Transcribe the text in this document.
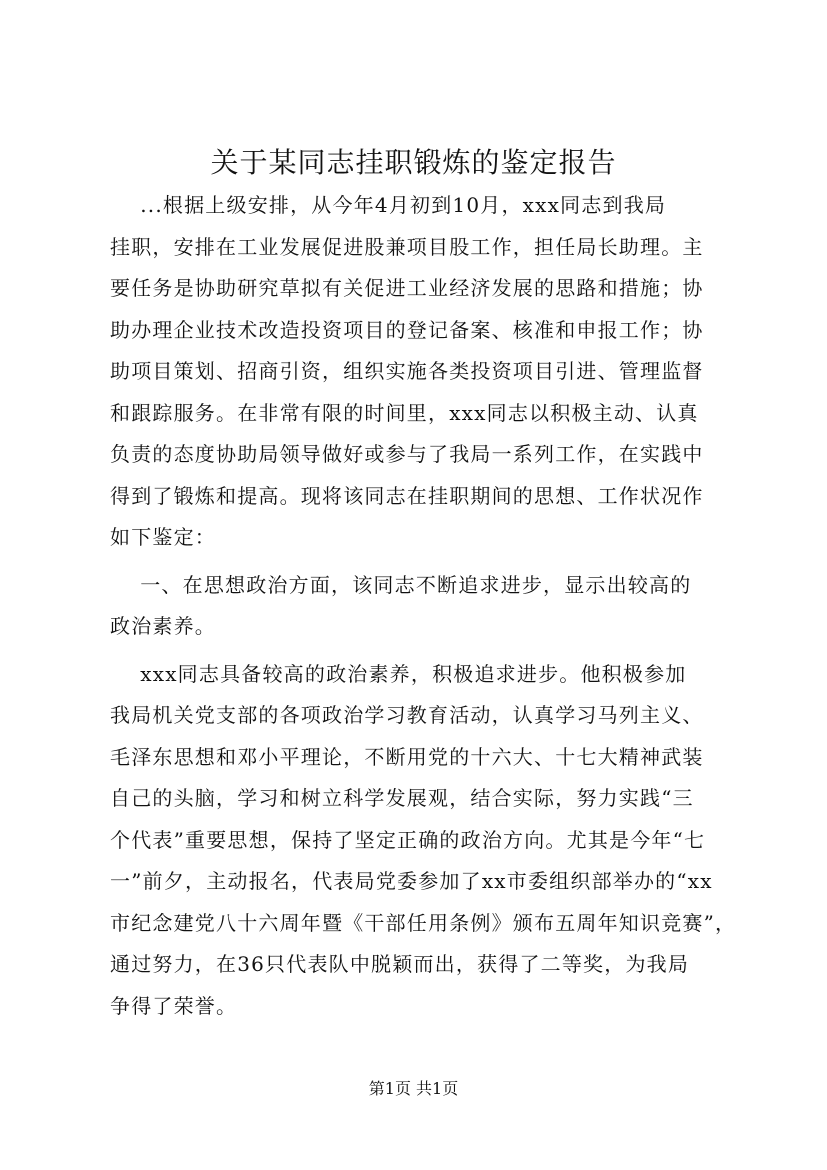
关于某同志挂职锻炼的鉴定报告
...根据上级安排，从今年4月初到10月，xxx同志到我局
挂职，安排在工业发展促进股兼项目股工作，担任局长助理。主
要任务是协助研究草拟有关促进工业经济发展的思路和措施；协
助办理企业技术改造投资项目的登记备案、核准和申报工作；协
助项目策划、招商引资，组织实施各类投资项目引进、管理监督
和跟踪服务。在非常有限的时间里，xxx同志以积极主动、认真
负责的态度协助局领导做好或参与了我局一系列工作，在实践中
得到了锻炼和提高。现将该同志在挂职期间的思想、工作状况作
如下鉴定：
一、在思想政治方面，该同志不断追求进步，显示出较高的
政治素养。
xxx同志具备较高的政治素养，积极追求进步。他积极参加
我局机关党支部的各项政治学习教育活动，认真学习马列主义、
毛泽东思想和邓小平理论，不断用党的十六大、十七大精神武装
自己的头脑，学习和树立科学发展观，结合实际，努力实践“三
个代表”重要思想，保持了坚定正确的政治方向。尤其是今年“七
一”前夕，主动报名，代表局党委参加了xx市委组织部举办的“xx
市纪念建党八十六周年暨《干部任用条例》颁布五周年知识竞赛”，
通过努力，在36只代表队中脱颖而出，获得了二等奖，为我局
争得了荣誉。
第1页 共1页
